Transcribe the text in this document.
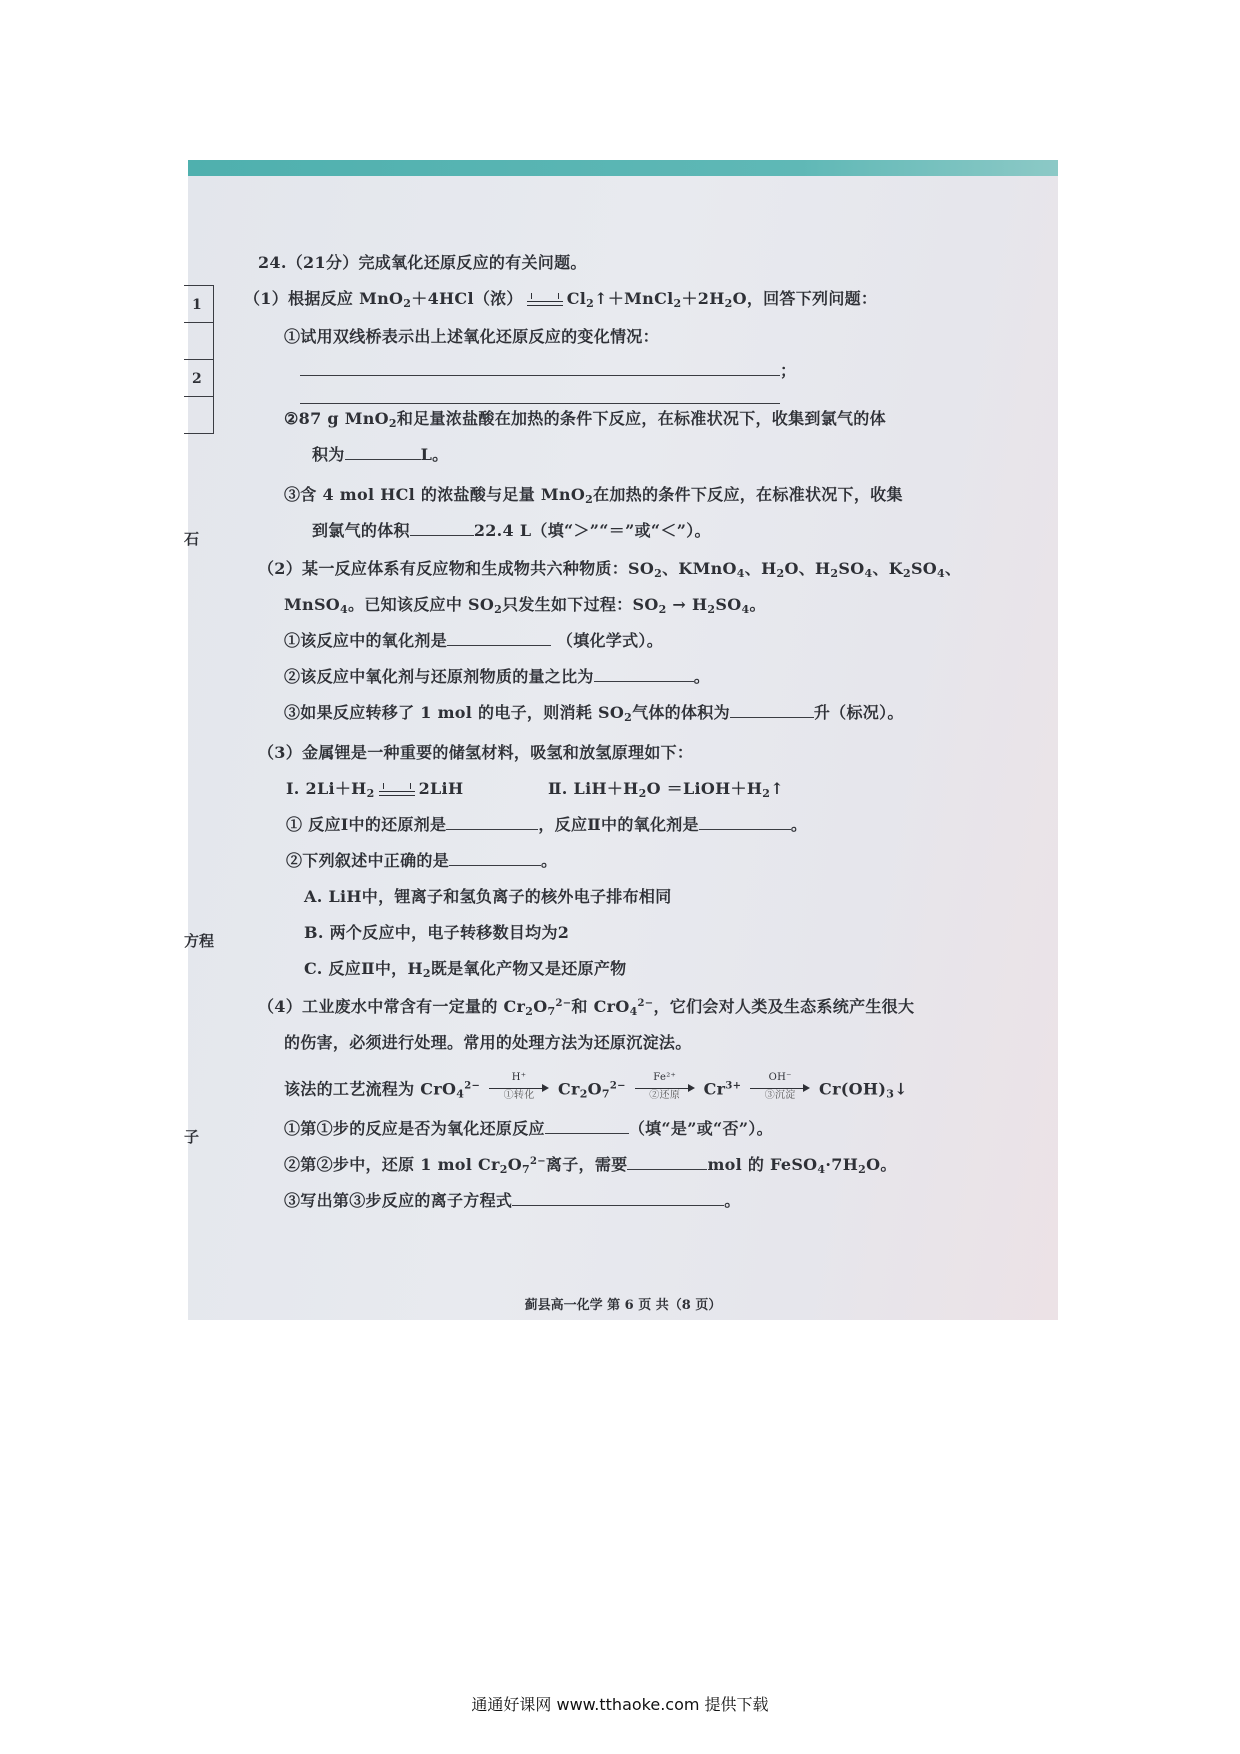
1
2
石
方程
子
24.（21分）完成氧化还原反应的有关问题。
（1）根据反应 MnO$_2$＋4HCl（浓）	$Cl_2↑+MnCl_2+2H_2O$，回答下列问题：
①试用双线桥表示出上述氧化还原反应的变化情况：
；
②87 g MnO$_2$和足量浓盐酸在加热的条件下反应，在标准状况下，收集到氯气的体
积为	L。
③含 4 mol HCl 的浓盐酸与足量 MnO$_2$在加热的条件下反应，在标准状况下，收集
到氯气的体积	22.4 L（填“＞”“＝”或“＜”）。
（2）某一反应体系有反应物和生成物共六种物质：$SO_2$、KMnO$_4$、$H_2O$、$H_2SO_4$、$K_2SO_4$、
MnSO$_4$。已知该反应中 $SO_2$只发生如下过程：$SO_2 \to H_2SO_4$。
①该反应中的氧化剂是	（填化学式）。
②该反应中氧化剂与还原剂物质的量之比为	。
③如果反应转移了 1 mol 的电子，则消耗 $SO_2$气体的体积为	升（标况）。
（3）金属锂是一种重要的储氢材料，吸氢和放氢原理如下：
Ⅰ. $2Li+H_2$	2LiH	Ⅱ. $LiH+H_2O$ $=LiOH+H_2↑$
① 反应Ⅰ中的还原剂是	，反应Ⅱ中的氧化剂是	。
②下列叙述中正确的是	。
A. LiH中，锂离子和氢负离子的核外电子排布相同
B. 两个反应中，电子转移数目均为2
C. 反应Ⅱ中，$H_2$既是氧化产物又是还原产物
（4）工业废水中常含有一定量的 $Cr_2O_7^{2-}$和 CrO$_4^{2-}$，它们会对人类及生态系统产生很大
的伤害，必须进行处理。常用的处理方法为还原沉淀法。
该法的工艺流程为 CrO$_4^{2-}$
H⁺
①转化	$Cr_2O_7^{2-}$
Fe²⁺
②还原	$Cr^{3+}$
OH⁻
③沉淀	$Cr(OH)_3↓$
①第①步的反应是否为氧化还原反应	（填“是”或“否”）。
②第②步中，还原 1 mol $Cr_2O_7^{2-}$离子，需要	mol 的 $FeSO_4\cdot 7H_2O$。
③写出第③步反应的离子方程式	。
蓟县高一化学 第 6 页 共（8 页）
通通好课网 www.tthaoke.com 提供下载
